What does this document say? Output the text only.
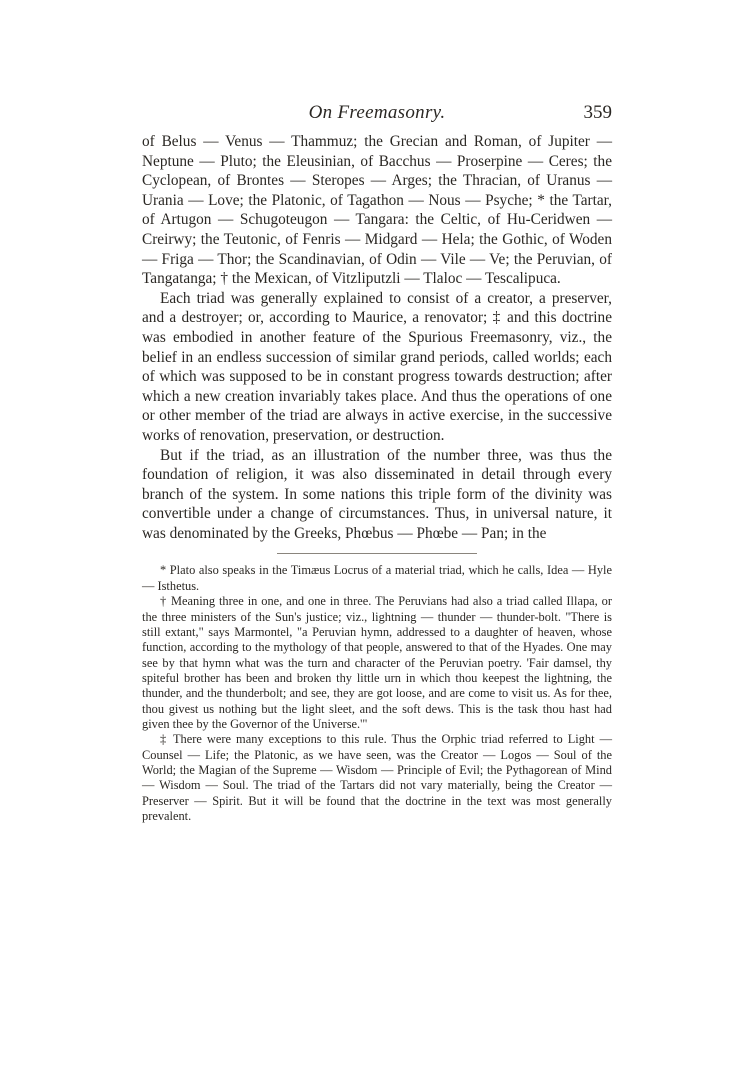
On Freemasonry.	359

of Belus — Venus — Thammuz; the Grecian and Roman, of Jupiter — Neptune — Pluto; the Eleusinian, of Bacchus — Proserpine — Ceres; the Cyclopean, of Brontes — Steropes — Arges; the Thracian, of Uranus — Urania — Love; the Platonic, of Tagathon — Nous — Psyche; * the Tartar, of Artugon — Schugoteugon — Tangara: the Celtic, of Hu-Ceridwen — Creirwy; the Teutonic, of Fenris — Midgard — Hela; the Gothic, of Woden — Friga — Thor; the Scandinavian, of Odin — Vile — Ve; the Peruvian, of Tangatanga; † the Mexican, of Vitzliputzli — Tlaloc — Tescalipuca.

Each triad was generally explained to consist of a creator, a preserver, and a destroyer; or, according to Maurice, a renovator; ‡ and this doctrine was embodied in another feature of the Spurious Freemasonry, viz., the belief in an endless succession of similar grand periods, called worlds; each of which was supposed to be in constant progress towards destruction; after which a new creation invariably takes place. And thus the operations of one or other member of the triad are always in active exercise, in the successive works of renovation, preservation, or destruction.

But if the triad, as an illustration of the number three, was thus the foundation of religion, it was also disseminated in detail through every branch of the system. In some nations this triple form of the divinity was convertible under a change of circumstances. Thus, in universal nature, it was denominated by the Greeks, Phœbus — Phœbe — Pan; in the

* Plato also speaks in the Timæus Locrus of a material triad, which he calls, Idea — Hyle — Isthetus.

† Meaning three in one, and one in three. The Peruvians had also a triad called Illapa, or the three ministers of the Sun's justice; viz., lightning — thunder — thunder-bolt. "There is still extant," says Marmontel, "a Peruvian hymn, addressed to a daughter of heaven, whose function, according to the mythology of that people, answered to that of the Hyades. One may see by that hymn what was the turn and character of the Peruvian poetry. 'Fair damsel, thy spiteful brother has been and broken thy little urn in which thou keepest the lightning, the thunder, and the thunderbolt; and see, they are got loose, and are come to visit us. As for thee, thou givest us nothing but the light sleet, and the soft dews. This is the task thou hast had given thee by the Governor of the Universe.'"

‡ There were many exceptions to this rule. Thus the Orphic triad referred to Light — Counsel — Life; the Platonic, as we have seen, was the Creator — Logos — Soul of the World; the Magian of the Supreme — Wisdom — Principle of Evil; the Pythagorean of Mind — Wisdom — Soul. The triad of the Tartars did not vary materially, being the Creator — Preserver — Spirit. But it will be found that the doctrine in the text was most generally prevalent.
